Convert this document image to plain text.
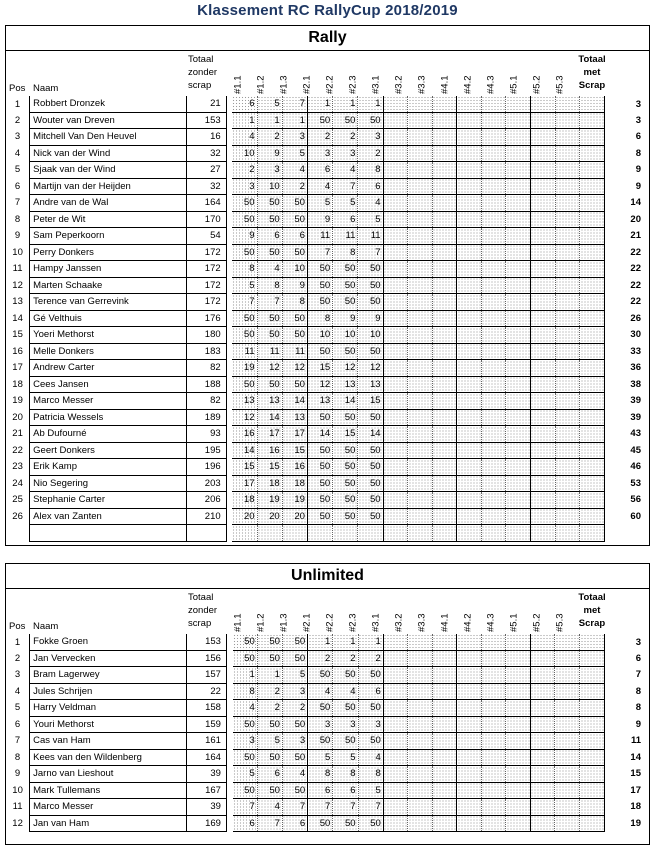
Klassement RC RallyCup 2018/2019
Rally
Pos Naam
Totaal
zonder
scrap	#1.1 #1.2 #1.3 #2.1 #2.2 #2.3 #3.1 #3.2 #3.3 #4.1 #4.2 #4.3 #5.1 #5.2 #5.3
Totaal
met
Scrap
1	Robbert Dronzek	21		6	5	7	1	1	1										3
2	Wouter van Dreven	153		1	1	1	50	50	50										3
3	Mitchell Van Den Heuvel	16		4	2	3	2	2	3										6
4	Nick van der Wind	32		10	9	5	3	3	2										8
5	Sjaak van der Wind	27		2	3	4	6	4	8										9
6	Martijn van der Heijden	32		3	10	2	4	7	6										9
7	Andre van de Wal	164		50	50	50	5	5	4										14
8	Peter de Wit	170		50	50	50	9	6	5										20
9	Sam Peperkoorn	54		9	6	6	11	11	11										21
10	Perry Donkers	172		50	50	50	7	8	7										22
11	Hampy Janssen	172		8	4	10	50	50	50										22
12	Marten Schaake	172		5	8	9	50	50	50										22
13	Terence van Gerrevink	172		7	7	8	50	50	50										22
14	Gé Velthuis	176		50	50	50	8	9	9										26
15	Yoeri Methorst	180		50	50	50	10	10	10										30
16	Melle Donkers	183		11	11	11	50	50	50										33
17	Andrew Carter	82		19	12	12	15	12	12										36
18	Cees Jansen	188		50	50	50	12	13	13										38
19	Marco Messer	82		13	13	14	13	14	15										39
20	Patricia Wessels	189		12	14	13	50	50	50										39
21	Ab Dufourné	93		16	17	17	14	15	14										43
22	Geert Donkers	195		14	16	15	50	50	50										45
23	Erik Kamp	196		15	15	16	50	50	50										46
24	Nio Segering	203		17	18	18	50	50	50										53
25	Stephanie Carter	206		18	19	19	50	50	50										56
26	Alex van Zanten	210		20	20	20	50	50	50										60

Unlimited
Pos Naam
Totaal
zonder
scrap	#1.1 #1.2 #1.3 #2.1 #2.2 #2.3 #3.1 #3.2 #3.3 #4.1 #4.2 #4.3 #5.1 #5.2 #5.3
Totaal
met
Scrap
1	Fokke Groen	153		50	50	50	1	1	1										3
2	Jan Vervecken	156		50	50	50	2	2	2										6
3	Bram Lagerwey	157		1	1	5	50	50	50										7
4	Jules Schrijen	22		8	2	3	4	4	6										8
5	Harry Veldman	158		4	2	2	50	50	50										8
6	Youri Methorst	159		50	50	50	3	3	3										9
7	Cas van Ham	161		3	5	3	50	50	50										11
8	Kees van den Wildenberg	164		50	50	50	5	5	4										14
9	Jarno van Lieshout	39		5	6	4	8	8	8										15
10	Mark Tullemans	167		50	50	50	6	6	5										17
11	Marco Messer	39		7	4	7	7	7	7										18
12	Jan van Ham	169		6	7	6	50	50	50										19
